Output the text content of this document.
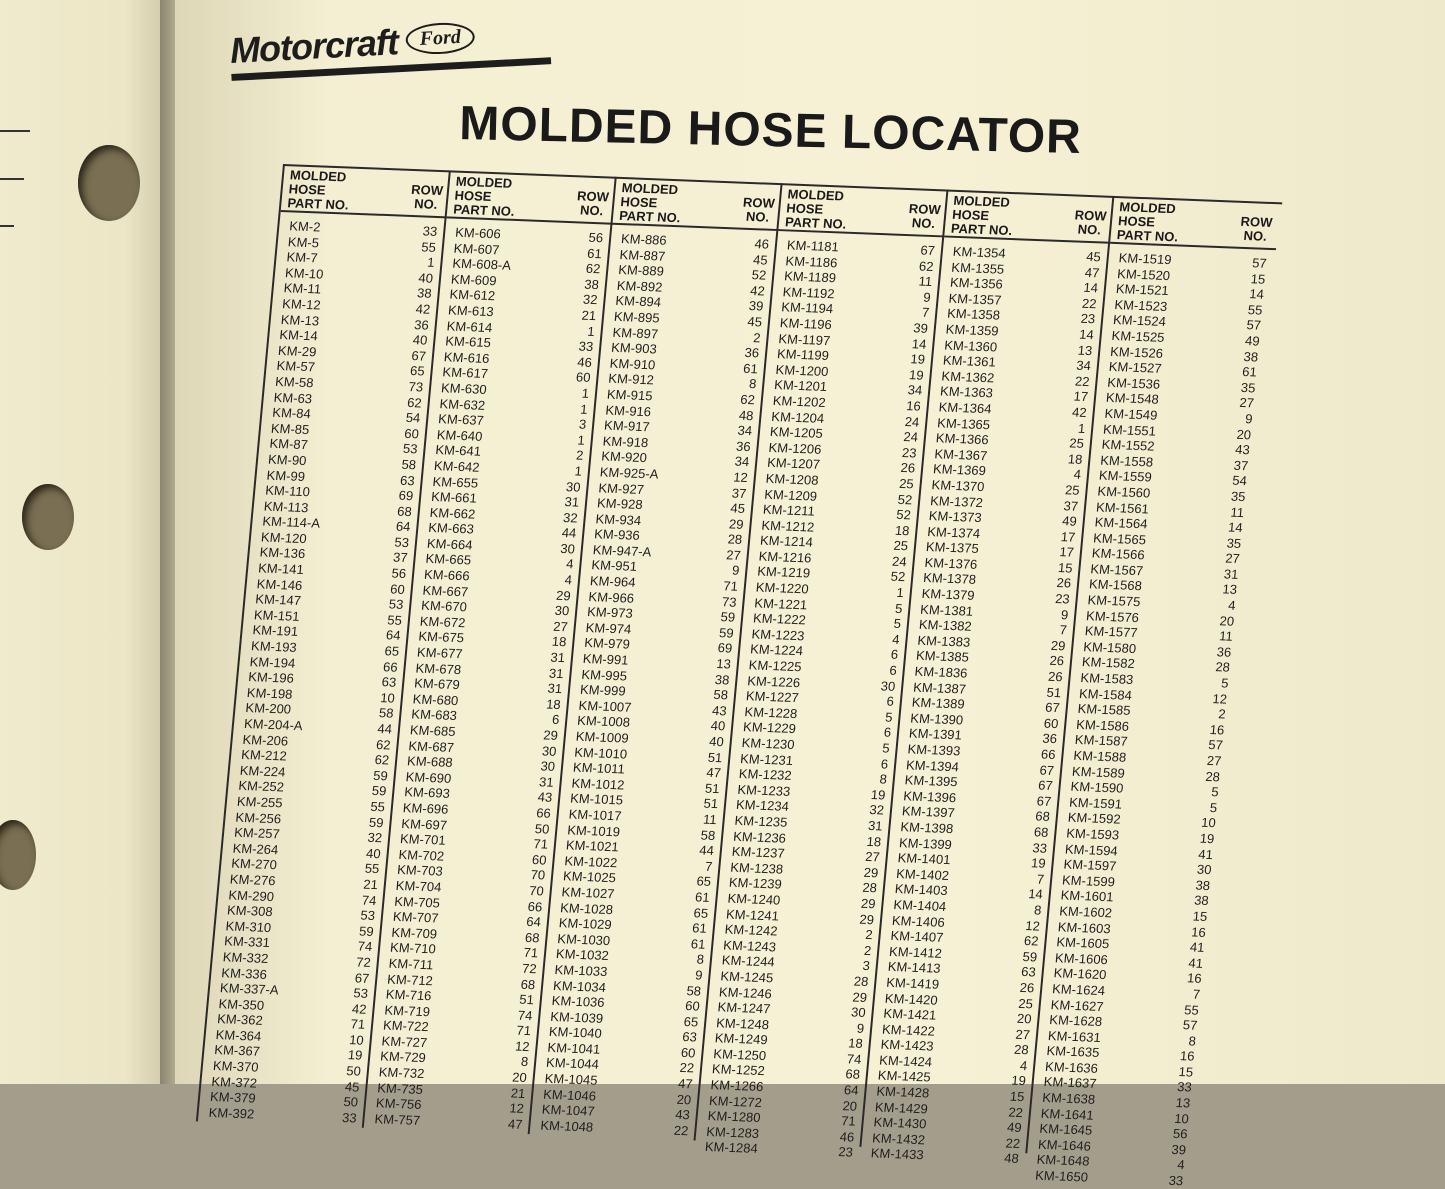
Motorcraft Ford
MOLDED HOSE LOCATOR
MOLDED
HOSE
PART NO.
ROW
NO.
KM-2	33
KM-5	55
KM-7	1
KM-10	40
KM-11	38
KM-12	42
KM-13	36
KM-14	40
KM-29	67
KM-57	65
KM-58	73
KM-63	62
KM-84	54
KM-85	60
KM-87	53
KM-90	58
KM-99	63
KM-110	69
KM-113	68
KM-114-A	64
KM-120	53
KM-136	37
KM-141	56
KM-146	60
KM-147	53
KM-151	55
KM-191	64
KM-193	65
KM-194	66
KM-196	63
KM-198	10
KM-200	58
KM-204-A	44
KM-206	62
KM-212	62
KM-224	59
KM-252	59
KM-255	55
KM-256	59
KM-257	32
KM-264	40
KM-270	55
KM-276	21
KM-290	74
KM-308	53
KM-310	59
KM-331	74
KM-332	72
KM-336	67
KM-337-A	53
KM-350	42
KM-362	71
KM-364	10
KM-367	19
KM-370	50
KM-372	45
KM-379	50
KM-392	33
MOLDED
HOSE
PART NO.
ROW
NO.
KM-606	56
KM-607	61
KM-608-A	62
KM-609	38
KM-612	32
KM-613	21
KM-614	1
KM-615	33
KM-616	46
KM-617	60
KM-630	1
KM-632	1
KM-637	3
KM-640	1
KM-641	2
KM-642	1
KM-655	30
KM-661	31
KM-662	32
KM-663	44
KM-664	30
KM-665	4
KM-666	4
KM-667	29
KM-670	30
KM-672	27
KM-675	18
KM-677	31
KM-678	31
KM-679	31
KM-680	18
KM-683	6
KM-685	29
KM-687	30
KM-688	30
KM-690	31
KM-693	43
KM-696	66
KM-697	50
KM-701	71
KM-702	60
KM-703	70
KM-704	70
KM-705	66
KM-707	64
KM-709	68
KM-710	71
KM-711	72
KM-712	68
KM-716	51
KM-719	74
KM-722	71
KM-727	12
KM-729	8
KM-732	20
KM-735	21
KM-756	12
KM-757	47
MOLDED
HOSE
PART NO.
ROW
NO.
KM-886	46
KM-887	45
KM-889	52
KM-892	42
KM-894	39
KM-895	45
KM-897	2
KM-903	36
KM-910	61
KM-912	8
KM-915	62
KM-916	48
KM-917	34
KM-918	36
KM-920	34
KM-925-A	12
KM-927	37
KM-928	45
KM-934	29
KM-936	28
KM-947-A	27
KM-951	9
KM-964	71
KM-966	73
KM-973	59
KM-974	59
KM-979	69
KM-991	13
KM-995	38
KM-999	58
KM-1007	43
KM-1008	40
KM-1009	40
KM-1010	51
KM-1011	47
KM-1012	51
KM-1015	51
KM-1017	11
KM-1019	58
KM-1021	44
KM-1022	7
KM-1025	65
KM-1027	61
KM-1028	65
KM-1029	61
KM-1030	61
KM-1032	8
KM-1033	9
KM-1034	58
KM-1036	60
KM-1039	65
KM-1040	63
KM-1041	60
KM-1044	22
KM-1045	47
KM-1046	20
KM-1047	43
KM-1048	22
MOLDED
HOSE
PART NO.
ROW
NO.
KM-1181	67
KM-1186	62
KM-1189	11
KM-1192	9
KM-1194	7
KM-1196	39
KM-1197	14
KM-1199	19
KM-1200	19
KM-1201	34
KM-1202	16
KM-1204	24
KM-1205	24
KM-1206	23
KM-1207	26
KM-1208	25
KM-1209	52
KM-1211	52
KM-1212	18
KM-1214	25
KM-1216	24
KM-1219	52
KM-1220	1
KM-1221	5
KM-1222	5
KM-1223	4
KM-1224	6
KM-1225	6
KM-1226	30
KM-1227	6
KM-1228	5
KM-1229	6
KM-1230	5
KM-1231	6
KM-1232	8
KM-1233	19
KM-1234	32
KM-1235	31
KM-1236	18
KM-1237	27
KM-1238	29
KM-1239	28
KM-1240	29
KM-1241	29
KM-1242	2
KM-1243	2
KM-1244	3
KM-1245	28
KM-1246	29
KM-1247	30
KM-1248	9
KM-1249	18
KM-1250	74
KM-1252	68
KM-1266	64
KM-1272	20
KM-1280	71
KM-1283	46
KM-1284	23
MOLDED
HOSE
PART NO.
ROW
NO.
KM-1354	45
KM-1355	47
KM-1356	14
KM-1357	22
KM-1358	23
KM-1359	14
KM-1360	13
KM-1361	34
KM-1362	22
KM-1363	17
KM-1364	42
KM-1365	1
KM-1366	25
KM-1367	18
KM-1369	4
KM-1370	25
KM-1372	37
KM-1373	49
KM-1374	17
KM-1375	17
KM-1376	15
KM-1378	26
KM-1379	23
KM-1381	9
KM-1382	7
KM-1383	29
KM-1385	26
KM-1836	26
KM-1387	51
KM-1389	67
KM-1390	60
KM-1391	36
KM-1393	66
KM-1394	67
KM-1395	67
KM-1396	67
KM-1397	68
KM-1398	68
KM-1399	33
KM-1401	19
KM-1402	7
KM-1403	14
KM-1404	8
KM-1406	12
KM-1407	62
KM-1412	59
KM-1413	63
KM-1419	26
KM-1420	25
KM-1421	20
KM-1422	27
KM-1423	28
KM-1424	4
KM-1425	19
KM-1428	15
KM-1429	22
KM-1430	49
KM-1432	22
KM-1433	48
MOLDED
HOSE
PART NO.
ROW
NO.
KM-1519	57
KM-1520	15
KM-1521	14
KM-1523	55
KM-1524	57
KM-1525	49
KM-1526	38
KM-1527	61
KM-1536	35
KM-1548	27
KM-1549	9
KM-1551	20
KM-1552	43
KM-1558	37
KM-1559	54
KM-1560	35
KM-1561	11
KM-1564	14
KM-1565	35
KM-1566	27
KM-1567	31
KM-1568	13
KM-1575	4
KM-1576	20
KM-1577	11
KM-1580	36
KM-1582	28
KM-1583	5
KM-1584	12
KM-1585	2
KM-1586	16
KM-1587	57
KM-1588	27
KM-1589	28
KM-1590	5
KM-1591	5
KM-1592	10
KM-1593	19
KM-1594	41
KM-1597	30
KM-1599	38
KM-1601	38
KM-1602	15
KM-1603	16
KM-1605	41
KM-1606	41
KM-1620	16
KM-1624	7
KM-1627	55
KM-1628	57
KM-1631	8
KM-1635	16
KM-1636	15
KM-1637	33
KM-1638	13
KM-1641	10
KM-1645	56
KM-1646	39
KM-1648	4
KM-1650	33
